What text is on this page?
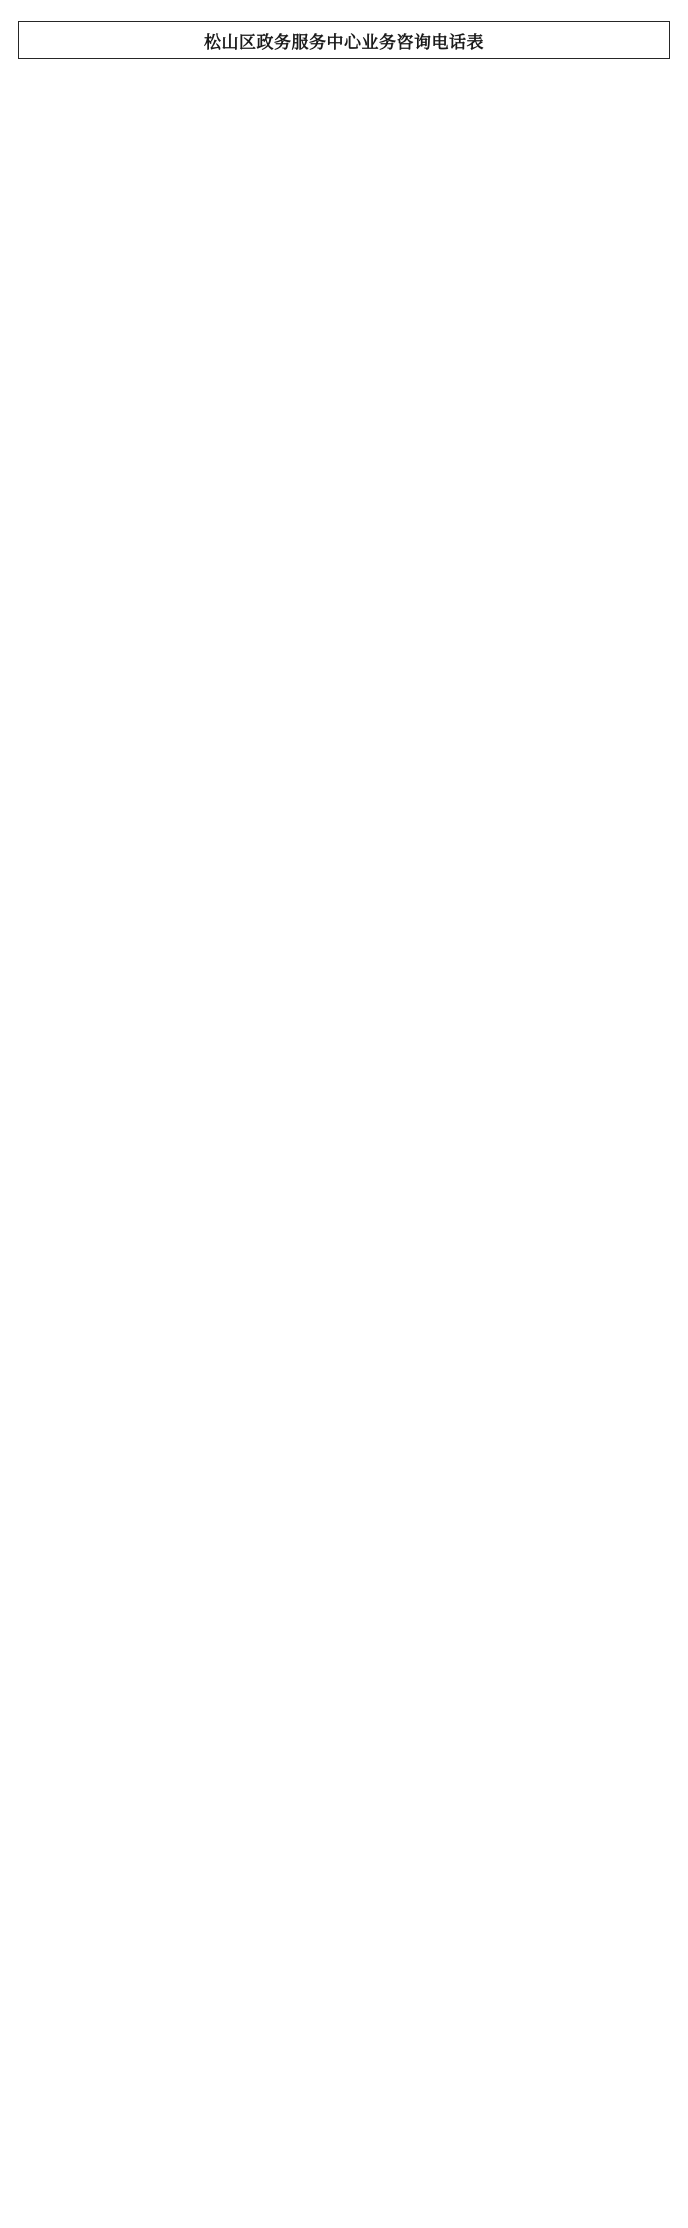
松山区政务服务中心业务咨询电话表
